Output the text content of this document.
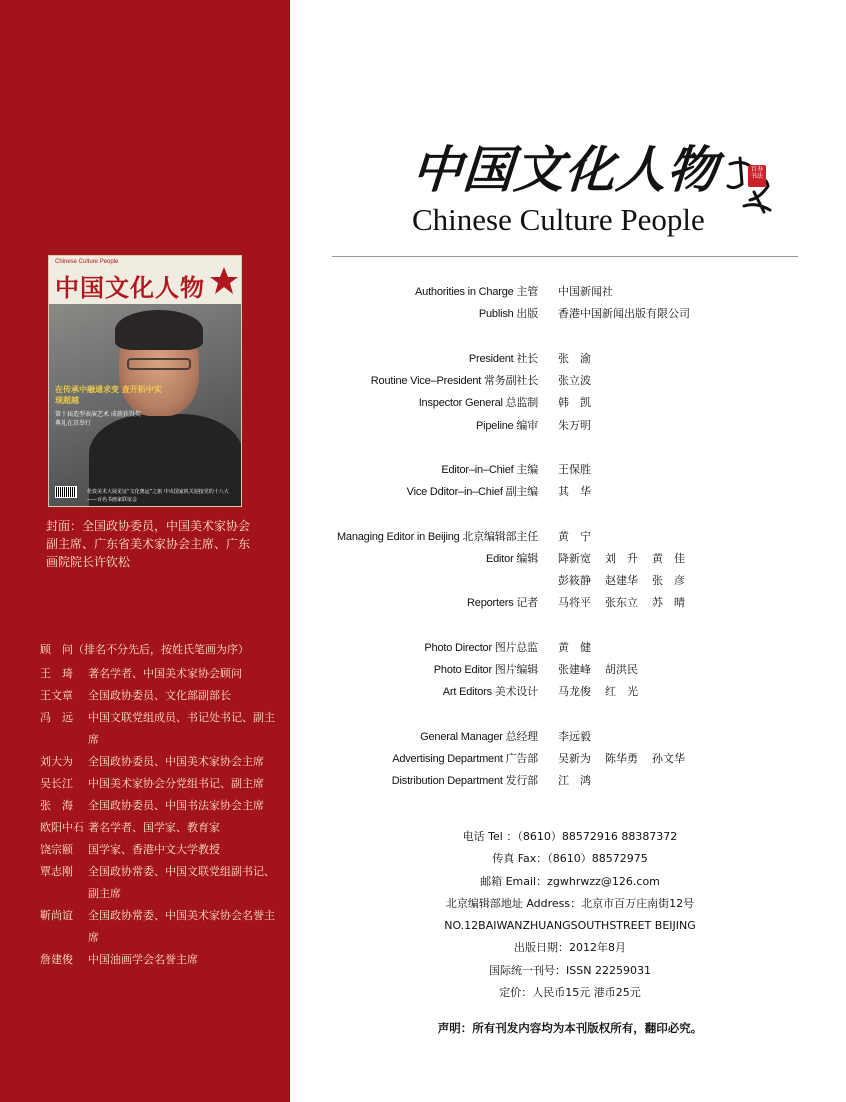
Chinese Culture People
中国文化人物
在传承中融通求变 查开拓中实现超越
第十届造型表演艺术 成就获得奖典礼在京举行
伦敦美术大展见证“文化奥运”之旅 中央国家机关迎接党的十八大——百名书画家联谊会
封面：全国政协委员，中国美术家协会副主席、广东省美术家协会主席、广东画院院长许钦松
顾　问（排名不分先后，按姓氏笔画为序）
王　琦	著名学者、中国美术家协会顾问
王文章	全国政协委员、文化部副部长
冯　远	中国文联党组成员、书记处书记、副主席
刘大为	全国政协委员、中国美术家协会主席
吴长江	中国美术家协会分党组书记、副主席
张　海	全国政协委员、中国书法家协会主席
欧阳中石 著名学者、国学家、教育家
饶宗颐	国学家、香港中文大学教授
覃志刚	全国政协常委、中国文联党组副书记、副主席
靳尚谊	全国政协常委、中国美术家协会名誉主席
詹建俊	中国油画学会名誉主席
中国文化人物
Chinese Culture People
百寿 书法
Authorities in Charge 主管	中国新闻社
Publish 出版	香港中国新闻出版有限公司
President 社长	张　渝
Routine Vice–President 常务副社长	张立波
Inspector General 总监制	韩　凯
Pipeline 编审	朱万明
Editor–in–Chief 主编	王保胜
Vice Dditor–in–Chief 副主编	其　华
Managing Editor in Beijing 北京编辑部主任	黄　宁
Editor 编辑	降新宽 刘　升 黄　佳
彭筱静 赵建华 张　彦
Reporters 记者	马将平 张东立 苏　晴
Photo Director 图片总监	黄　健
Photo Editor 图片编辑	张建峰 胡洪民
Art Editors 美术设计	马龙俊 红　光
General Manager 总经理	李远毅
Advertising Department 广告部	吴新为 陈华勇 孙文华
Distribution Department 发行部	江　鸿
电话 Tel ：（8610）88572916 88387372
传真 Fax：（8610）88572975
邮箱 Email：zgwhrwzz@126.com
北京编辑部地址 Address：北京市百万庄南街12号
NO.12BAIWANZHUANGSOUTHSTREET BEIJING
出版日期：2012年8月
国际统一刊号：ISSN 22259031
定价：人民币15元 港币25元
声明：所有刊发内容均为本刊版权所有，翻印必究。
